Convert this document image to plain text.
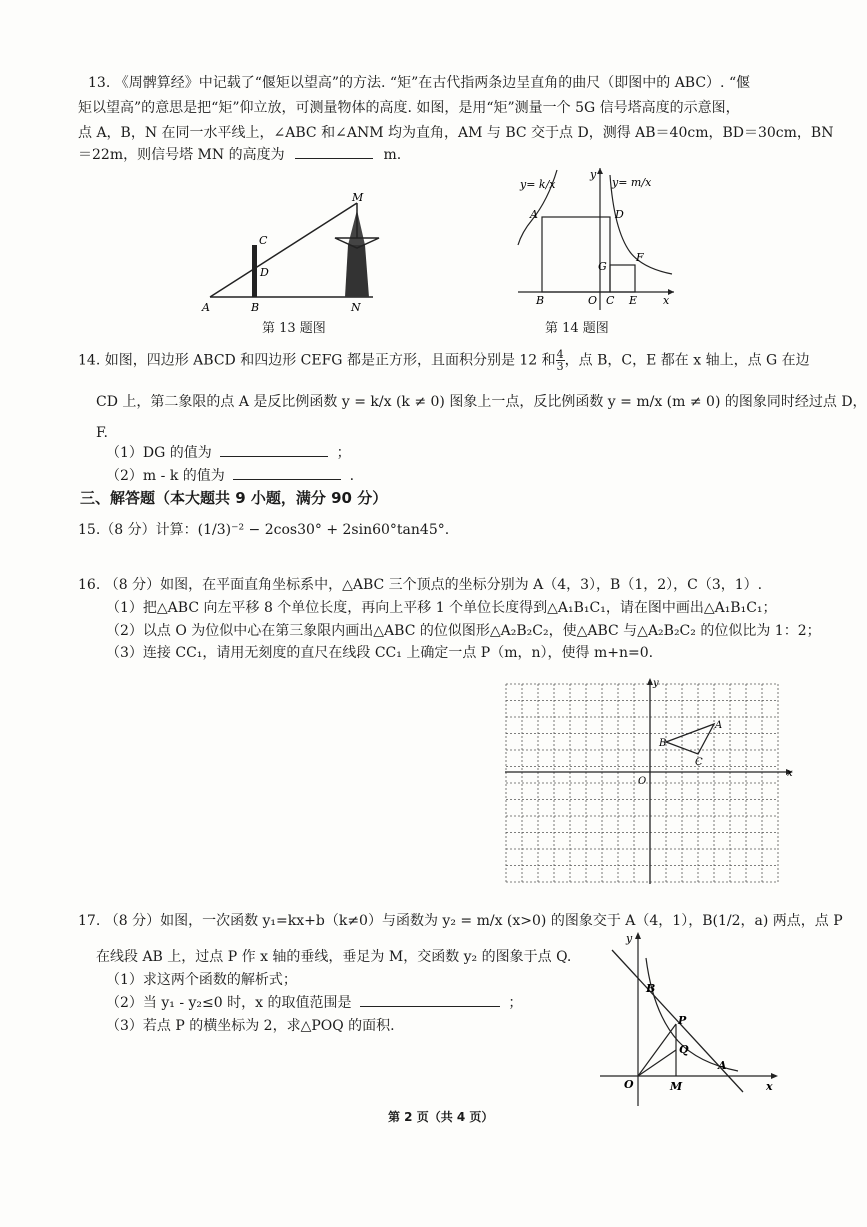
13. 《周髀算经》中记载了“偃矩以望高”的方法. “矩”在古代指两条边呈直角的曲尺（即图中的 ABC）. “偃
矩以望高”的意思是把“矩”仰立放，可测量物体的高度. 如图，是用“矩”测量一个 5G 信号塔高度的示意图，
点 A，B，N 在同一水平线上，∠ABC 和∠ANM 均为直角，AM 与 BC 交于点 D，测得 AB＝40cm，BD＝30cm，BN
＝22m，则信号塔 MN 的高度为	m.
M
C
D
A	B	N
第 13 题图
y= k/x	y= m/x
A	D
G
F
B	O C E x
y
第 14 题图
14. 如图，四边形 ABCD 和四边形 CEFG 都是正方形，且面积分别是 12 和 $\frac{4}{3}$ ，点 B，C，E 都在 x 轴上，点 G 在边
CD 上，第二象限的点 A 是反比例函数 y = k/x (k ≠ 0) 图象上一点，反比例函数 y = m/x (m ≠ 0) 的图象同时经过点 D，
F.
（1）DG 的值为	；
（2）m - k 的值为	.
三、解答题（本大题共 9 小题，满分 90 分）
15.（8 分）计算：(1/3)⁻² − 2cos30° + 2sin60°tan45°.
16. （8 分）如图，在平面直角坐标系中，△ABC 三个顶点的坐标分别为 A（4，3），B（1，2），C（3，1）.
（1）把△ABC 向左平移 8 个单位长度，再向上平移 1 个单位长度得到△A₁B₁C₁，请在图中画出△A₁B₁C₁；
（2）以点 O 为位似中心在第三象限内画出△ABC 的位似图形△A₂B₂C₂，使△ABC 与△A₂B₂C₂ 的位似比为 1：2；
（3）连接 CC₁，请用无刻度的直尺在线段 CC₁ 上确定一点 P（m，n），使得 m+n=0.
y
x
O
A
B
C
17. （8 分）如图，一次函数 y₁=kx+b（k≠0）与函数为 y₂ = m/x (x>0) 的图象交于 A（4，1），B(1/2，a) 两点，点 P
在线段 AB 上，过点 P 作 x 轴的垂线，垂足为 M，交函数 y₂ 的图象于点 Q.
（1）求这两个函数的解析式；
（2）当 y₁ - y₂≤0 时，x 的取值范围是	；
（3）若点 P 的横坐标为 2，求△POQ 的面积.
y
B
P
Q
A
O	M	x
第 2 页（共 4 页）
